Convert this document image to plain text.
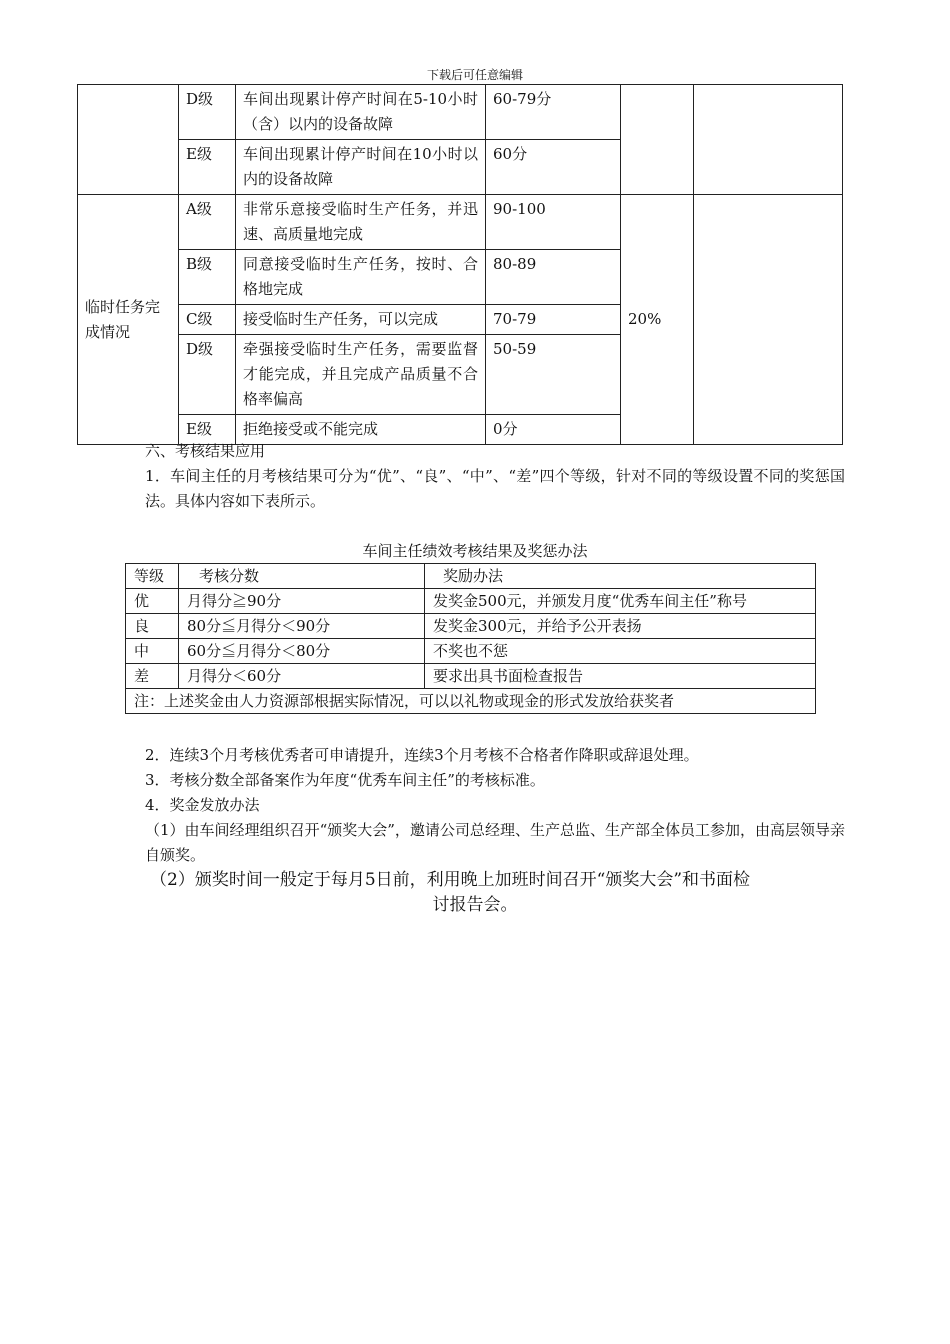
下载后可任意编辑
	D级	车间出现累计停产时间在5-10小时（含）以内的设备故障	60-79分		
	E级	车间出现累计停产时间在10小时以内的设备故障	60分		
临时任务完成情况	A级	非常乐意接受临时生产任务，并迅速、高质量地完成	90-100	20%	
	B级	同意接受临时生产任务，按时、合格地完成	80-89		
	C级	接受临时生产任务，可以完成	70-79		
	D级	牵强接受临时生产任务，需要监督才能完成，并且完成产品质量不合格率偏高	50-59		
	E级	拒绝接受或不能完成	0分		
六、考核结果应用
1．车间主任的月考核结果可分为“优”、“良”、“中”、“差”四个等级，针对不同的等级设置不同的奖惩国法。具体内容如下表所示。
车间主任绩效考核结果及奖惩办法
等级	考核分数	奖励办法
优	月得分≧90分	发奖金500元，并颁发月度“优秀车间主任”称号
良	80分≦月得分＜90分	发奖金300元，并给予公开表扬
中	60分≦月得分＜80分	不奖也不惩
差	月得分＜60分	要求出具书面检查报告
注：上述奖金由人力资源部根据实际情况，可以以礼物或现金的形式发放给获奖者		
2．连续3个月考核优秀者可申请提升，连续3个月考核不合格者作降职或辞退处理。
3．考核分数全部备案作为年度“优秀车间主任”的考核标准。
4．奖金发放办法
（1）由车间经理组织召开“颁奖大会”，邀请公司总经理、生产总监、生产部全体员工参加，由高层领导亲自颁奖。
（2）颁奖时间一般定于每月5日前，利用晚上加班时间召开“颁奖大会”和书面检
讨报告会。
